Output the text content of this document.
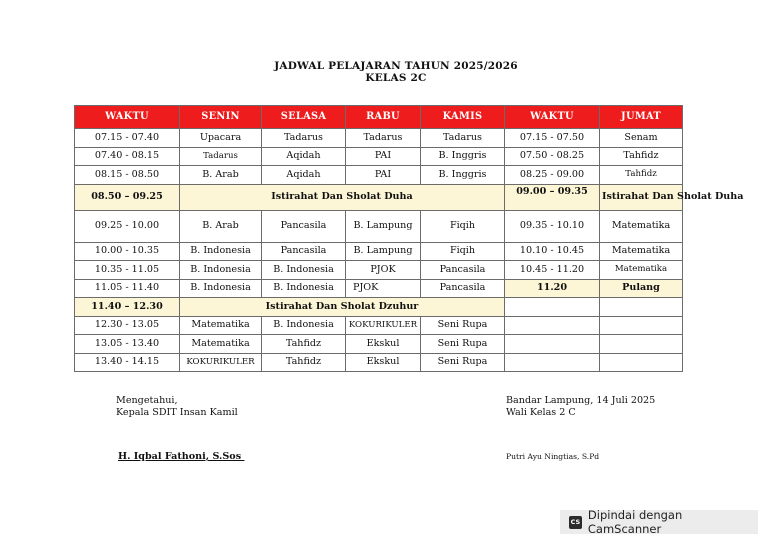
JADWAL PELAJARAN TAHUN 2025/2026
KELAS 2C
WAKTU	SENIN	SELASA	RABU	KAMIS	WAKTU	JUMAT
07.15 - 07.40	Upacara	Tadarus	Tadarus	Tadarus	07.15 - 07.50	Senam
07.40 - 08.15	Tadarus	Aqidah	PAI	B. Inggris	07.50 - 08.25	Tahfidz
08.15 - 08.50	B. Arab	Aqidah	PAI	B. Inggris	08.25 - 09.00	Tahfidz
08.50 – 09.25	Istirahat Dan Sholat Duha				09.00 – 09.35	Istirahat Dan Sholat Duha
09.25 - 10.00	B. Arab	Pancasila	B. Lampung	Fiqih	09.35 - 10.10	Matematika
10.00 - 10.35	B. Indonesia	Pancasila	B. Lampung	Fiqih	10.10 - 10.45	Matematika
10.35 - 11.05	B. Indonesia	B. Indonesia	PJOK	Pancasila	10.45 - 11.20	Matematika
11.05 - 11.40	B. Indonesia	B. Indonesia	PJOK	Pancasila	11.20	Pulang
11.40 – 12.30	Istirahat Dan Sholat Dzuhur					
12.30 - 13.05	Matematika	B. Indonesia	KOKURIKULER	Seni Rupa		
13.05 - 13.40	Matematika	Tahfidz	Ekskul	Seni Rupa		
13.40 - 14.15	KOKURIKULER	Tahfidz	Ekskul	Seni Rupa		
Mengetahui,
Kepala SDIT Insan Kamil
H. Iqbal Fathoni, S.Sos
Bandar Lampung, 14 Juli 2025
Wali Kelas 2 C
Putri Ayu Ningtias, S.Pd
CS Dipindai dengan CamScanner
